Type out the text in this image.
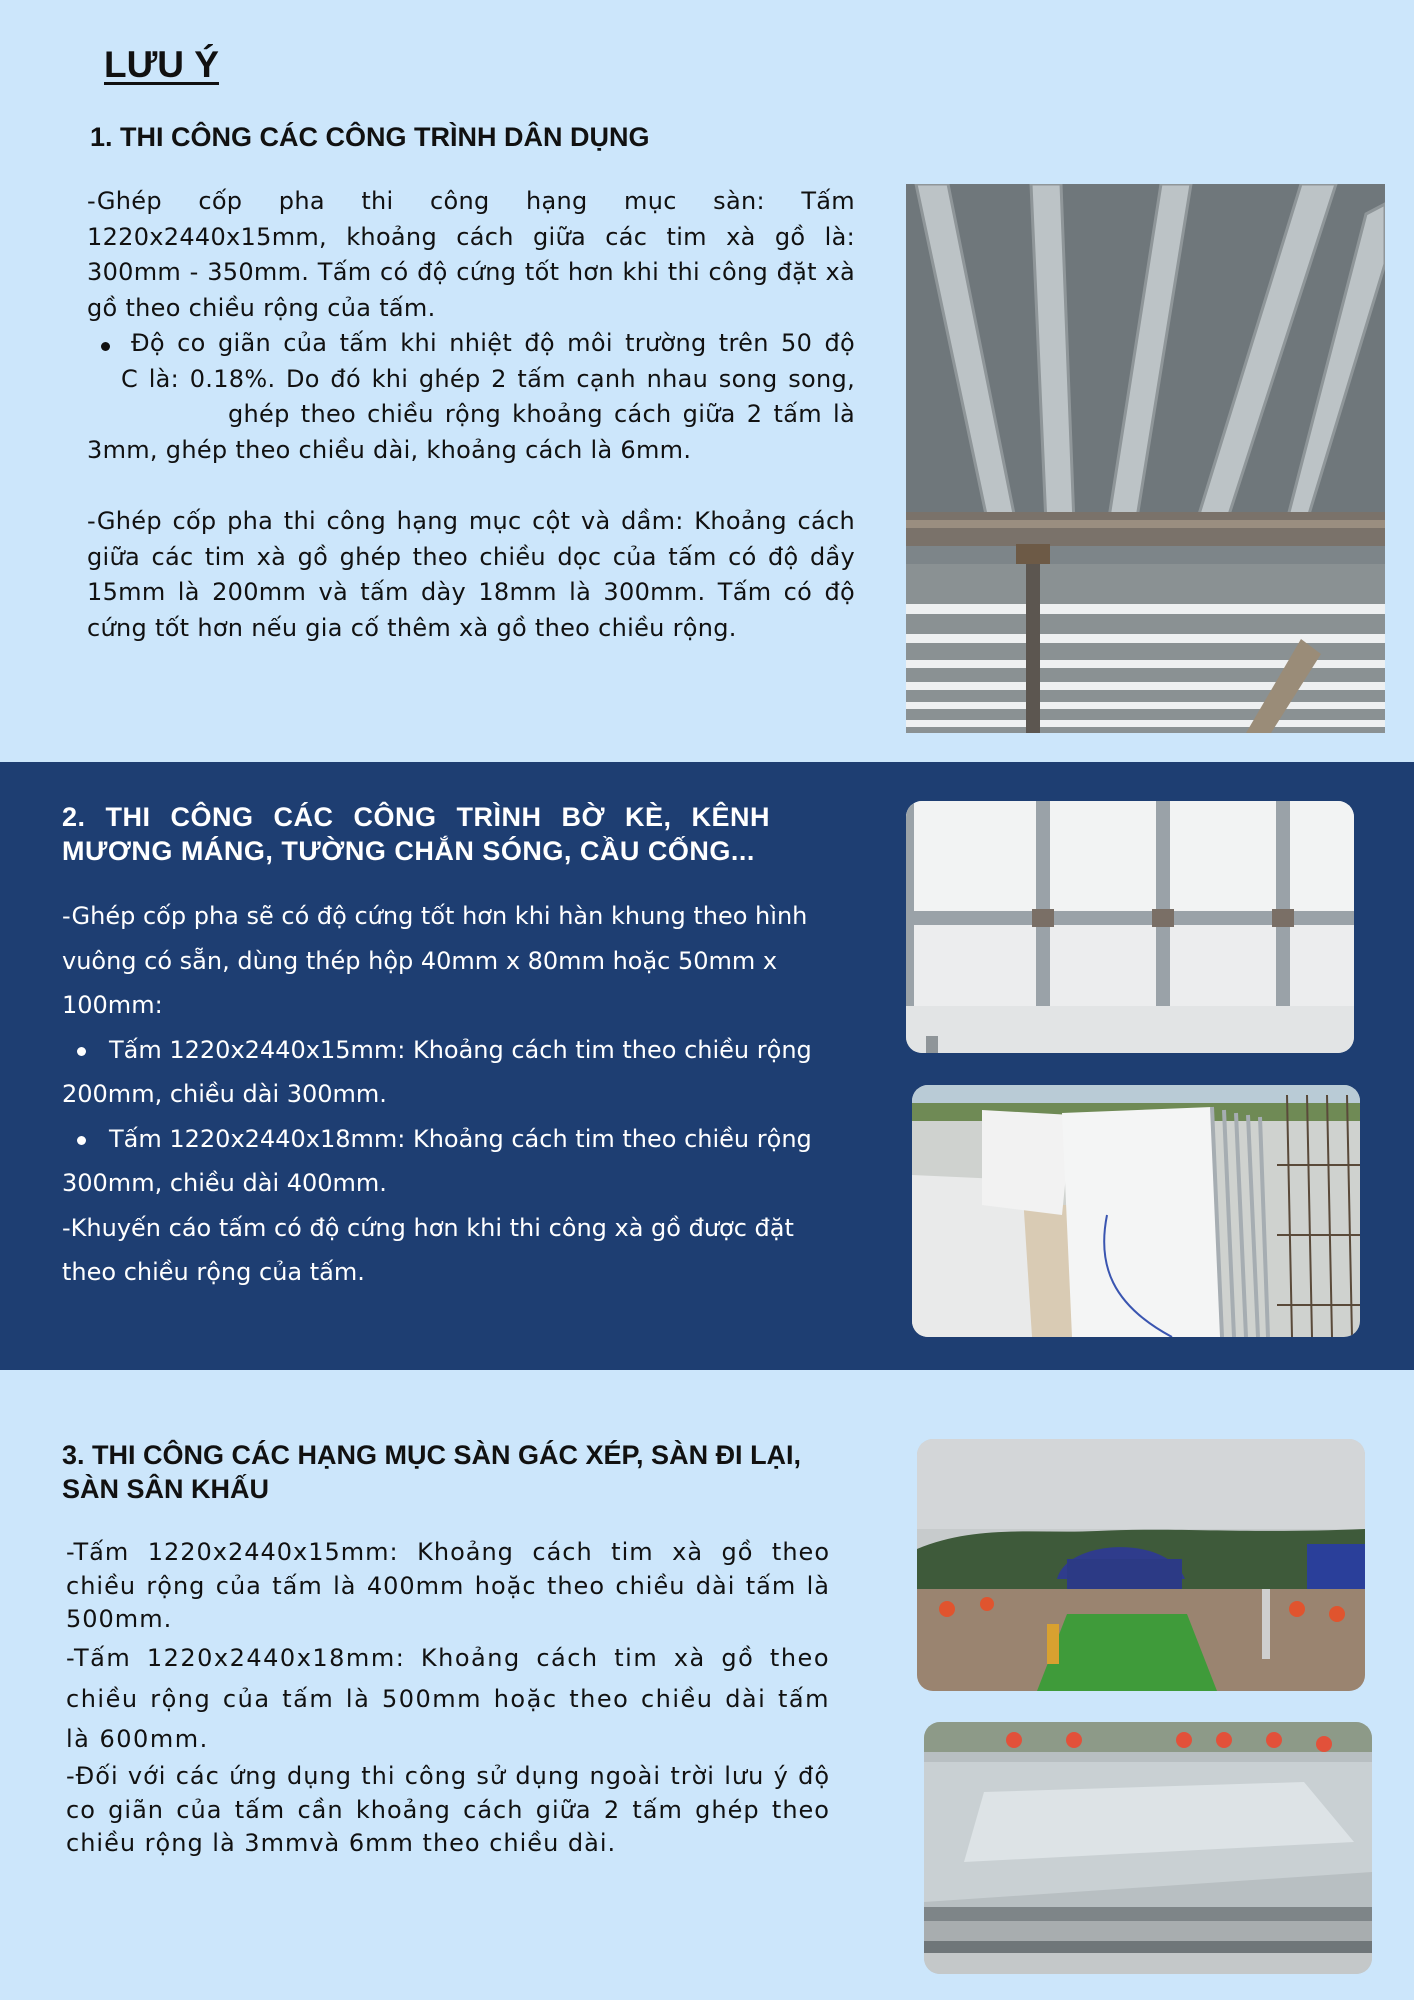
LƯU Ý
1. THI CÔNG CÁC CÔNG TRÌNH DÂN DỤNG

-Ghép cốp pha thi công hạng mục sàn: Tấm 1220x2440x15mm, khoảng cách giữa các tim xà gồ là: 300mm - 350mm. Tấm có độ cứng tốt hơn khi thi công đặt xà gồ theo chiều rộng của tấm.

Độ co giãn của tấm khi nhiệt độ môi trường trên 50 độ
C là: 0.18%. Do đó khi ghép 2 tấm cạnh nhau song song,
ghép theo chiều rộng khoảng cách giữa 2 tấm là
3mm, ghép theo chiều dài, khoảng cách là 6mm.

-Ghép cốp pha thi công hạng mục cột và dầm: Khoảng cách giữa các tim xà gồ ghép theo chiều dọc của tấm có độ dầy 15mm là 200mm và tấm dày 18mm là 300mm. Tấm có độ cứng tốt hơn nếu gia cố thêm xà gồ theo chiều rộng.

2. THI CÔNG CÁC CÔNG TRÌNH BỜ KÈ, KÊNH MƯƠNG MÁNG, TƯỜNG CHẮN SÓNG, CẦU CỐNG...
-Ghép cốp pha sẽ có độ cứng tốt hơn khi hàn khung theo hình vuông có sẵn, dùng thép hộp 40mm x 80mm hoặc 50mm x 100mm:
Tấm 1220x2440x15mm: Khoảng cách tim theo chiều rộng
200mm, chiều dài 300mm.
Tấm 1220x2440x18mm: Khoảng cách tim theo chiều rộng
300mm, chiều dài 400mm.
-Khuyến cáo tấm có độ cứng hơn khi thi công xà gồ được đặt theo chiều rộng của tấm.
3. THI CÔNG CÁC HẠNG MỤC SÀN GÁC XÉP, SÀN ĐI LẠI, SÀN SÂN KHẤU

-Tấm 1220x2440x15mm: Khoảng cách tim xà gồ theo chiều rộng của tấm là 400mm hoặc theo chiều dài tấm là 500mm.

-Tấm 1220x2440x18mm: Khoảng cách tim xà gồ theo chiều rộng của tấm là 500mm hoặc theo chiều dài tấm là 600mm.

-Đối với các ứng dụng thi công sử dụng ngoài trời lưu ý độ co giãn của tấm cần khoảng cách giữa 2 tấm ghép theo chiều rộng là 3mmvà 6mm theo chiều dài.
